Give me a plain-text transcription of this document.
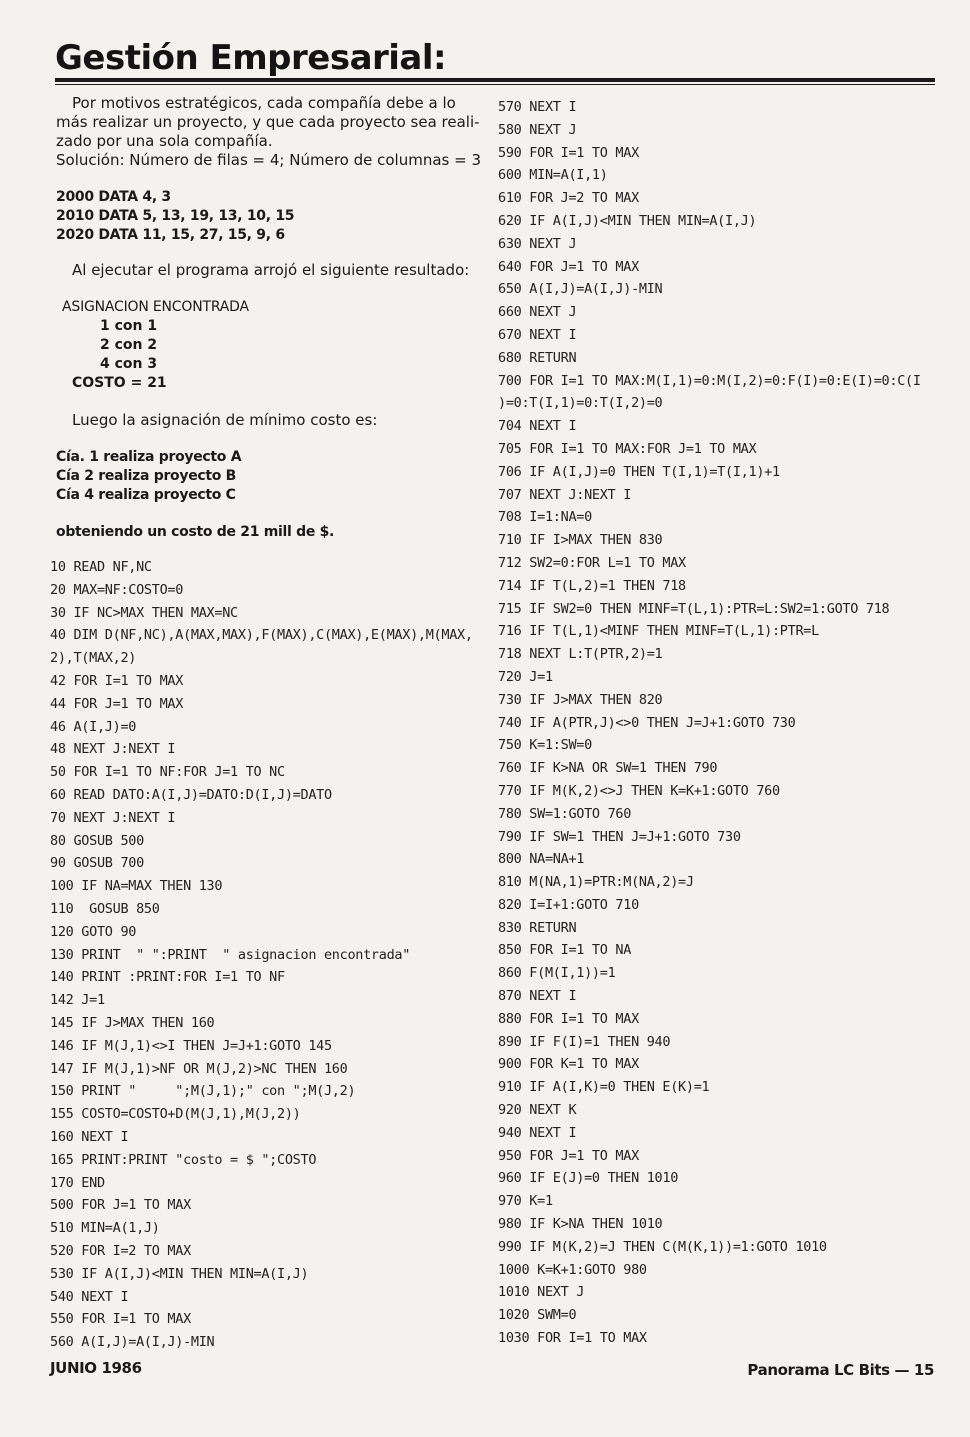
Gestión Empresarial:
Por motivos estratégicos, cada compañía debe a lo
más realizar un proyecto, y que cada proyecto sea reali-
zado por una sola compañía.
Solución: Número de filas = 4; Número de columnas = 3
2000 DATA 4, 3
2010 DATA 5, 13, 19, 13, 10, 15
2020 DATA 11, 15, 27, 15, 9, 6
Al ejecutar el programa arrojó el siguiente resultado:
ASIGNACION ENCONTRADA
1 con 1
2 con 2
4 con 3
COSTO = 21
Luego la asignación de mínimo costo es:
Cía. 1 realiza proyecto A
Cía 2 realiza proyecto B
Cía 4 realiza proyecto C
obteniendo un costo de 21 mill de $.
10 READ NF,NC
20 MAX=NF:COSTO=0
30 IF NC>MAX THEN MAX=NC
40 DIM D(NF,NC),A(MAX,MAX),F(MAX),C(MAX),E(MAX),M(MAX,
2),T(MAX,2)
42 FOR I=1 TO MAX
44 FOR J=1 TO MAX
46 A(I,J)=0
48 NEXT J:NEXT I
50 FOR I=1 TO NF:FOR J=1 TO NC
60 READ DATO:A(I,J)=DATO:D(I,J)=DATO
70 NEXT J:NEXT I
80 GOSUB 500
90 GOSUB 700
100 IF NA=MAX THEN 130
110  GOSUB 850
120 GOTO 90
130 PRINT  " ":PRINT  " asignacion encontrada"
140 PRINT :PRINT:FOR I=1 TO NF
142 J=1
145 IF J>MAX THEN 160
146 IF M(J,1)<>I THEN J=J+1:GOTO 145
147 IF M(J,1)>NF OR M(J,2)>NC THEN 160
150 PRINT "     ";M(J,1);" con ";M(J,2)
155 COSTO=COSTO+D(M(J,1),M(J,2))
160 NEXT I
165 PRINT:PRINT "costo = $ ";COSTO
170 END
500 FOR J=1 TO MAX
510 MIN=A(1,J)
520 FOR I=2 TO MAX
530 IF A(I,J)<MIN THEN MIN=A(I,J)
540 NEXT I
550 FOR I=1 TO MAX
560 A(I,J)=A(I,J)-MIN
570 NEXT I
580 NEXT J
590 FOR I=1 TO MAX
600 MIN=A(I,1)
610 FOR J=2 TO MAX
620 IF A(I,J)<MIN THEN MIN=A(I,J)
630 NEXT J
640 FOR J=1 TO MAX
650 A(I,J)=A(I,J)-MIN
660 NEXT J
670 NEXT I
680 RETURN
700 FOR I=1 TO MAX:M(I,1)=0:M(I,2)=0:F(I)=0:E(I)=0:C(I
)=0:T(I,1)=0:T(I,2)=0
704 NEXT I
705 FOR I=1 TO MAX:FOR J=1 TO MAX
706 IF A(I,J)=0 THEN T(I,1)=T(I,1)+1
707 NEXT J:NEXT I
708 I=1:NA=0
710 IF I>MAX THEN 830
712 SW2=0:FOR L=1 TO MAX
714 IF T(L,2)=1 THEN 718
715 IF SW2=0 THEN MINF=T(L,1):PTR=L:SW2=1:GOTO 718
716 IF T(L,1)<MINF THEN MINF=T(L,1):PTR=L
718 NEXT L:T(PTR,2)=1
720 J=1
730 IF J>MAX THEN 820
740 IF A(PTR,J)<>0 THEN J=J+1:GOTO 730
750 K=1:SW=0
760 IF K>NA OR SW=1 THEN 790
770 IF M(K,2)<>J THEN K=K+1:GOTO 760
780 SW=1:GOTO 760
790 IF SW=1 THEN J=J+1:GOTO 730
800 NA=NA+1
810 M(NA,1)=PTR:M(NA,2)=J
820 I=I+1:GOTO 710
830 RETURN
850 FOR I=1 TO NA
860 F(M(I,1))=1
870 NEXT I
880 FOR I=1 TO MAX
890 IF F(I)=1 THEN 940
900 FOR K=1 TO MAX
910 IF A(I,K)=0 THEN E(K)=1
920 NEXT K
940 NEXT I
950 FOR J=1 TO MAX
960 IF E(J)=0 THEN 1010
970 K=1
980 IF K>NA THEN 1010
990 IF M(K,2)=J THEN C(M(K,1))=1:GOTO 1010
1000 K=K+1:GOTO 980
1010 NEXT J
1020 SWM=0
1030 FOR I=1 TO MAX
JUNIO 1986	Panorama LC Bits — 15
